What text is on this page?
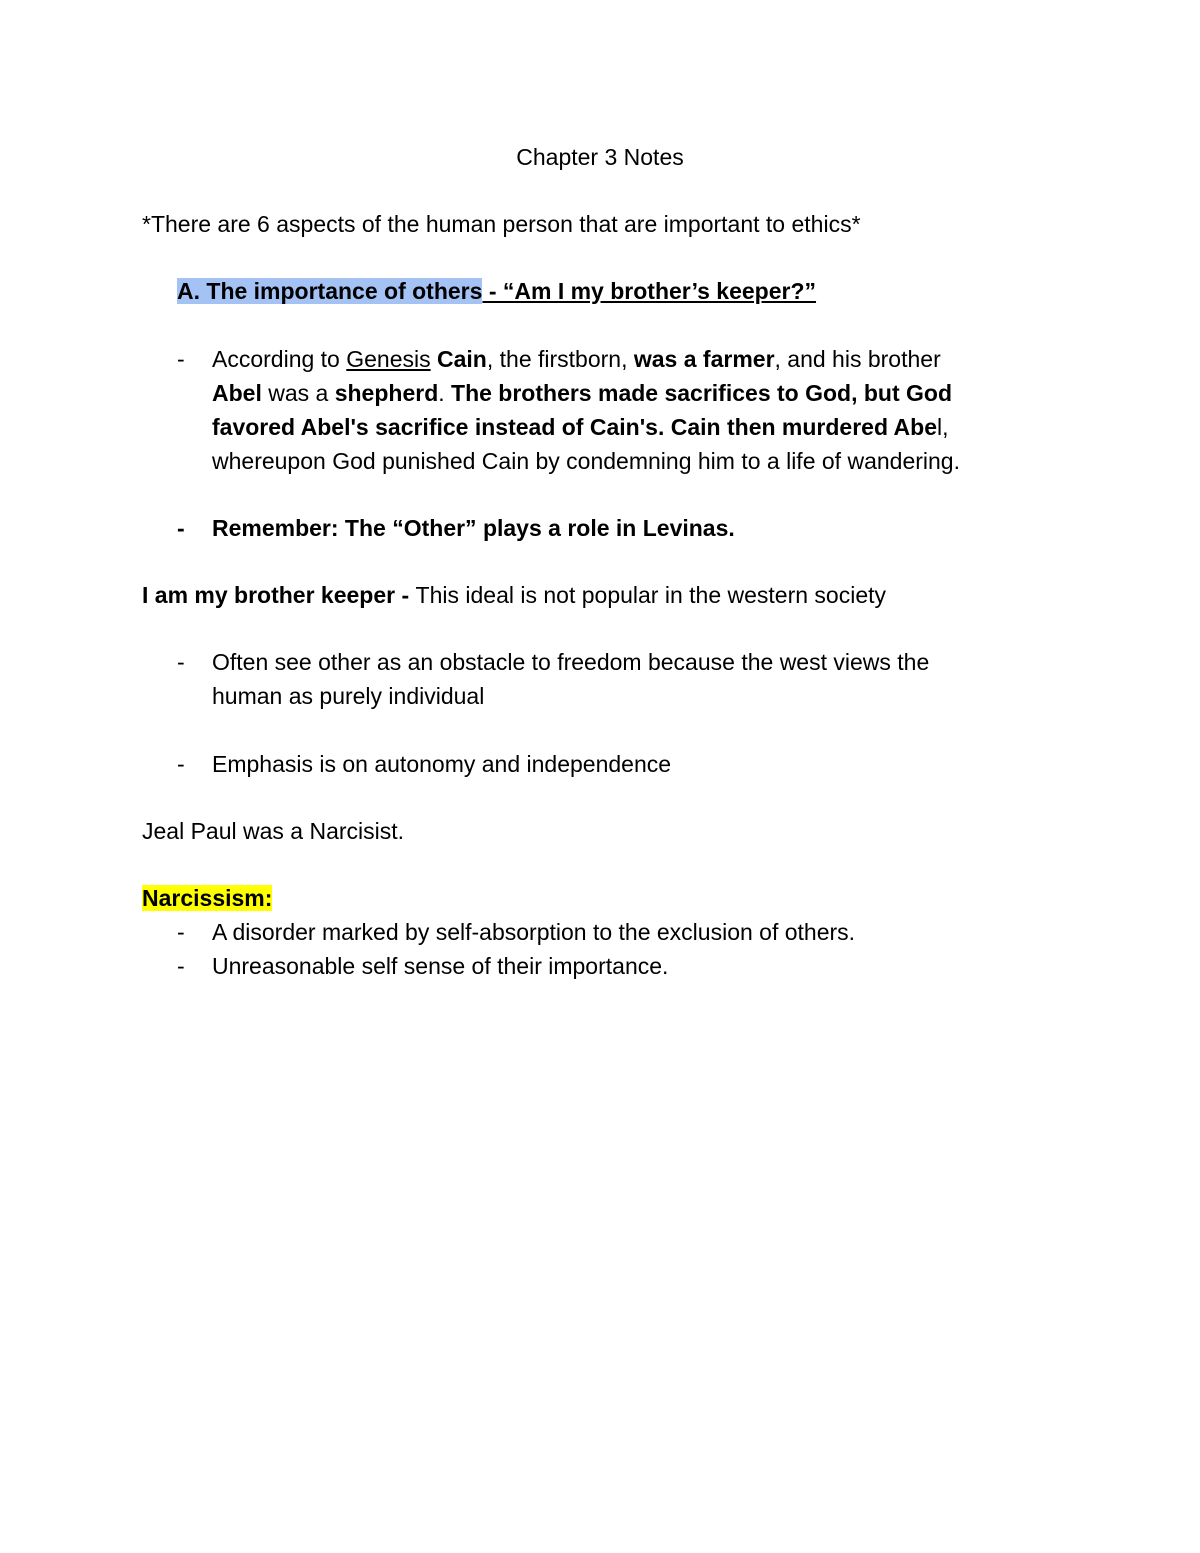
Chapter 3 Notes
*There are 6 aspects of the human person that are important to ethics*
A. The importance of others - “Am I my brother’s keeper?”
- According to Genesis Cain, the firstborn, was a farmer, and his brother
Abel was a shepherd. The brothers made sacrifices to God, but God
favored Abel's sacrifice instead of Cain's. Cain then murdered Abel,
whereupon God punished Cain by condemning him to a life of wandering.
- Remember: The “Other” plays a role in Levinas.
I am my brother keeper - This ideal is not popular in the western society
- Often see other as an obstacle to freedom because the west views the
human as purely individual
- Emphasis is on autonomy and independence
Jeal Paul was a Narcisist.
Narcissism:
- A disorder marked by self-absorption to the exclusion of others.
- Unreasonable self sense of their importance.
